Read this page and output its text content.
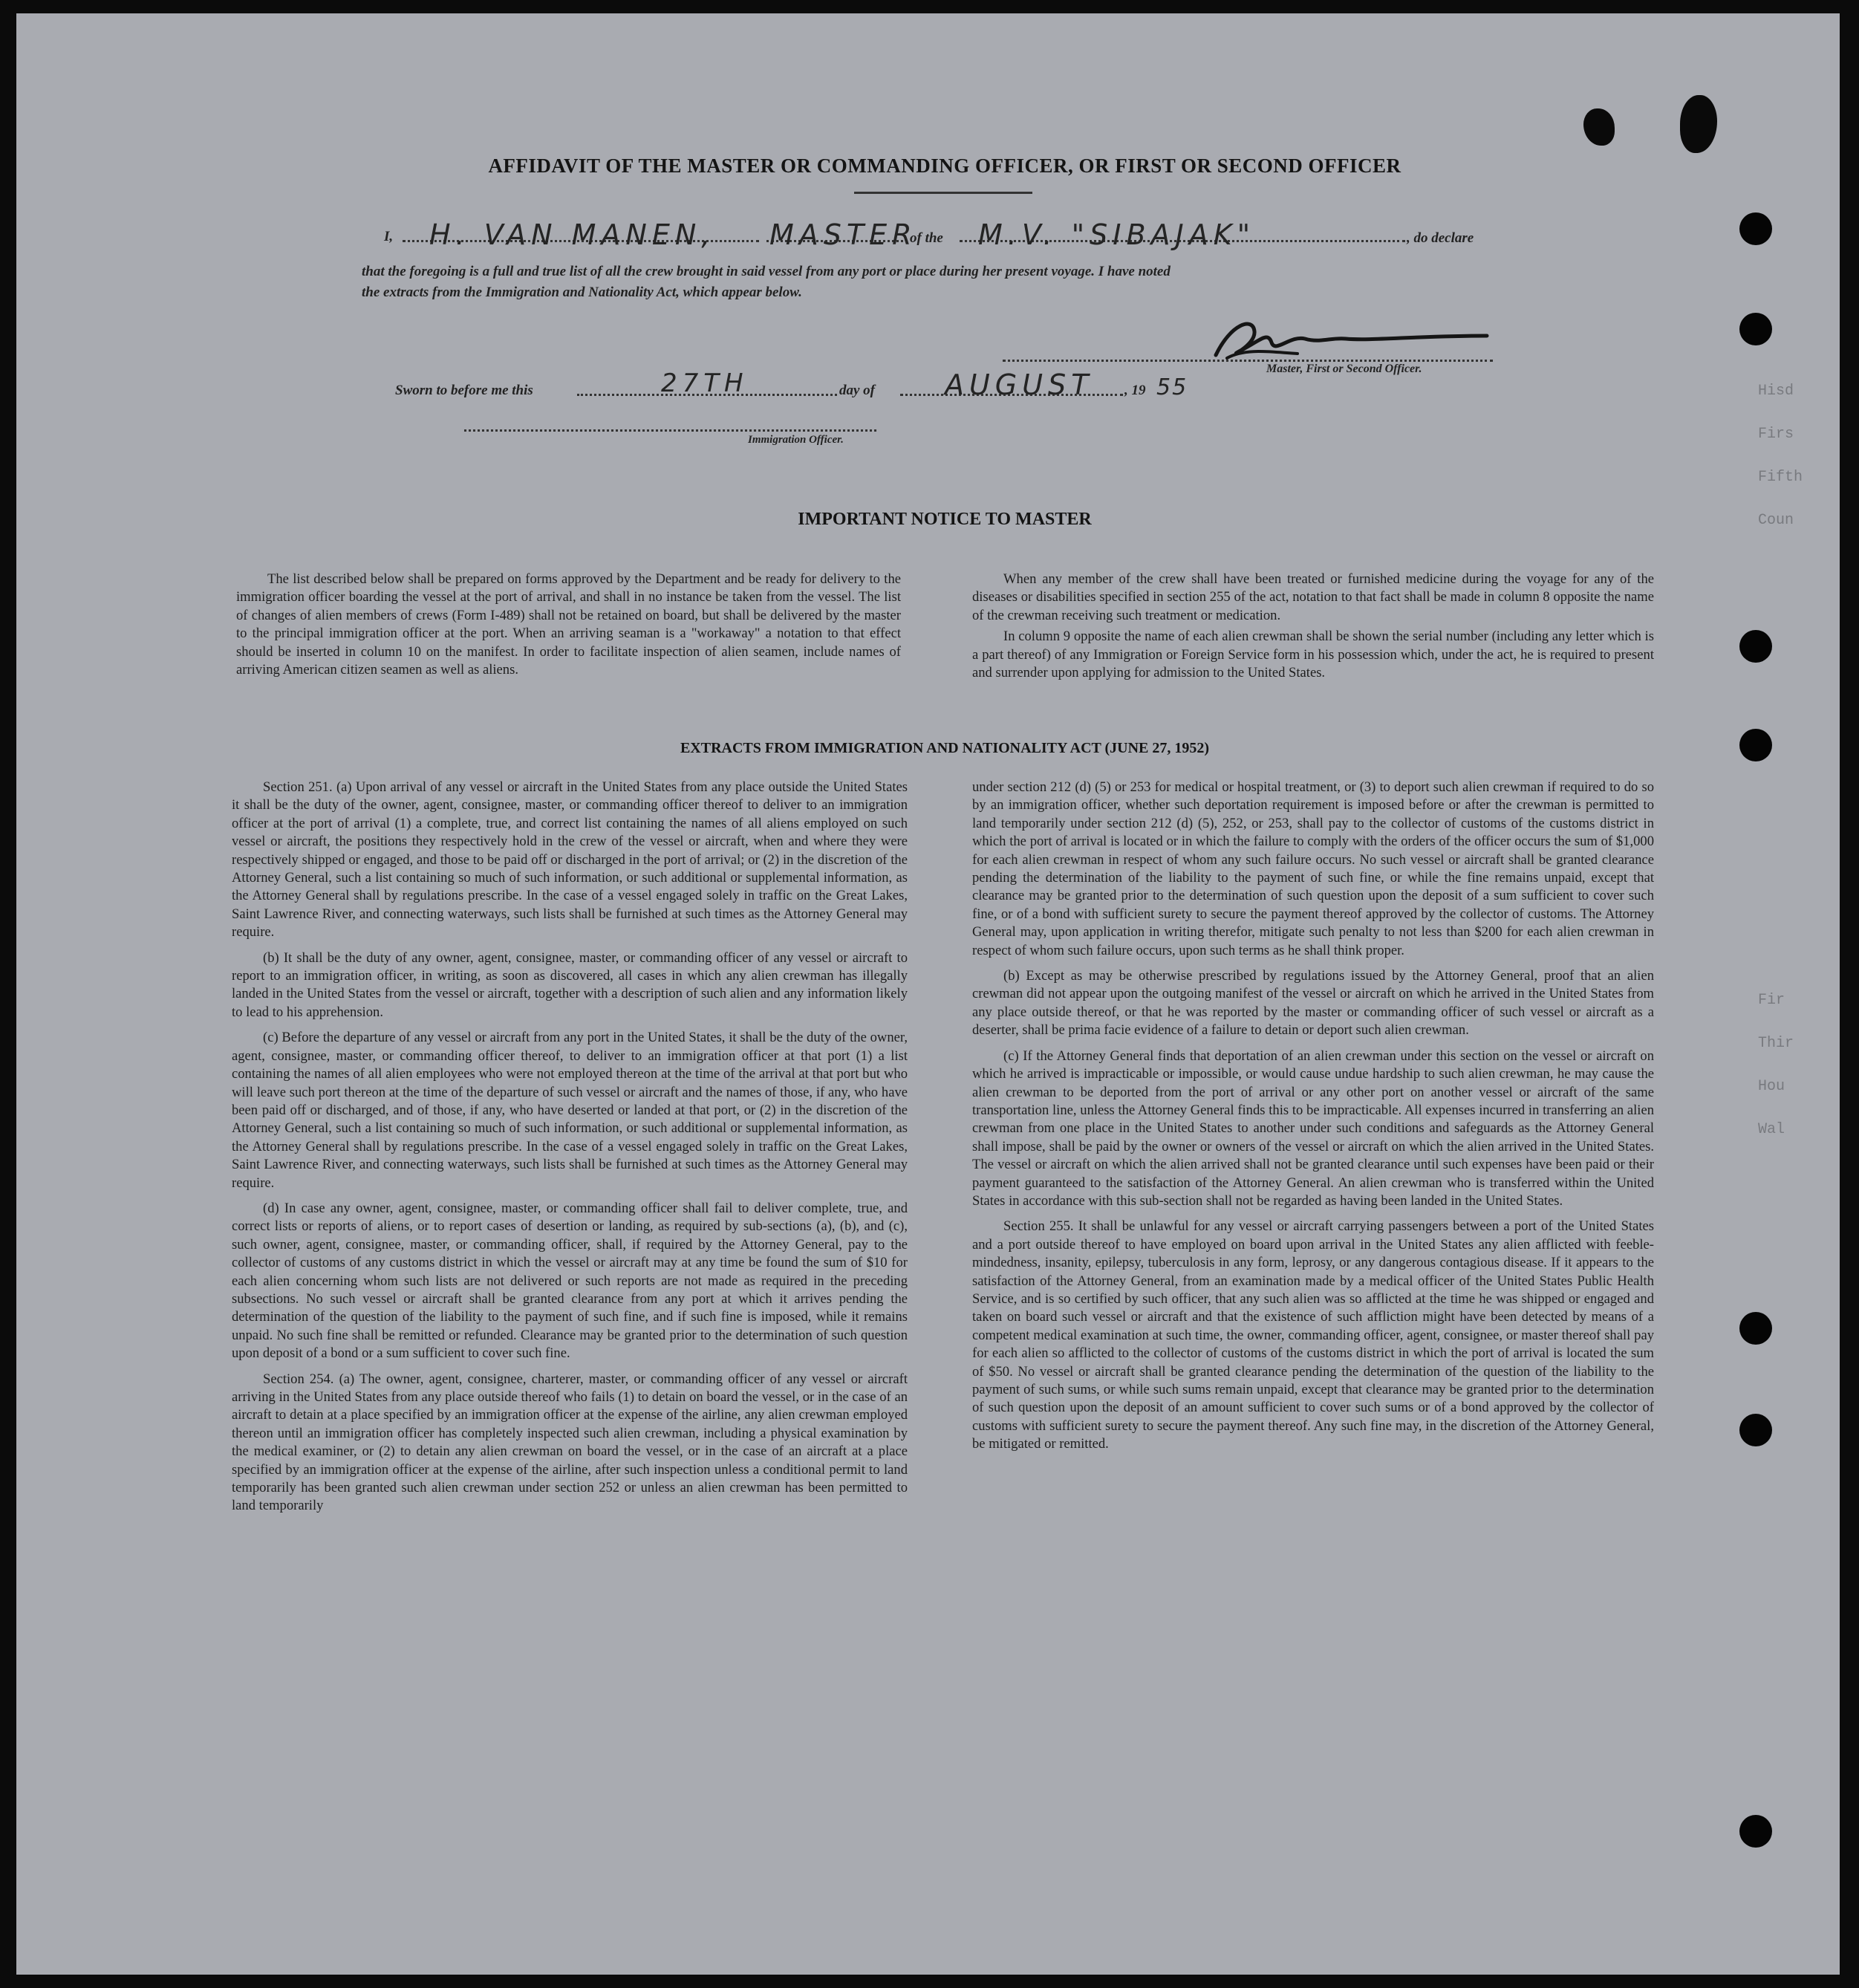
Hisd
Firs
Fifth
Coun
Fir
Thir
Hou
Wal
AFFIDAVIT OF THE MASTER OR COMMANDING OFFICER, OR FIRST OR SECOND OFFICER
I, H. VAN MANEN, MASTER
of the M.V. "SIBAJAK"	, do declare
that the foregoing is a full and true list of all the crew brought in said vessel from any port or place during her present voyage. I have noted
the extracts from the Immigration and Nationality Act, which appear below.
Master, First or Second Officer.
Sworn to before me this	27TH	day of AUGUST , 19 55
Immigration Officer.
IMPORTANT NOTICE TO MASTER

The list described below shall be prepared on forms approved by the Department and be ready for delivery to the immigration officer boarding the vessel at the port of arrival, and shall in no instance be taken from the vessel. The list of changes of alien members of crews (Form I-489) shall not be retained on board, but shall be delivered by the master to the principal immigration officer at the port. When an arriving seaman is a "workaway" a notation to that effect should be inserted in column 10 on the manifest. In order to facilitate inspection of alien seamen, include names of arriving American citizen seamen as well as aliens.

When any member of the crew shall have been treated or furnished medicine during the voyage for any of the diseases or disabilities specified in section 255 of the act, notation to that fact shall be made in column 8 opposite the name of the crewman receiving such treatment or medication.

In column 9 opposite the name of each alien crewman shall be shown the serial number (including any letter which is a part thereof) of any Immigration or Foreign Service form in his possession which, under the act, he is required to present and surrender upon applying for admission to the United States.

EXTRACTS FROM IMMIGRATION AND NATIONALITY ACT (JUNE 27, 1952)

Section 251. (a) Upon arrival of any vessel or aircraft in the United States from any place outside the United States it shall be the duty of the owner, agent, consignee, master, or commanding officer thereof to deliver to an immigration officer at the port of arrival (1) a complete, true, and correct list containing the names of all aliens employed on such vessel or aircraft, the positions they respectively hold in the crew of the vessel or aircraft, when and where they were respectively shipped or engaged, and those to be paid off or discharged in the port of arrival; or (2) in the discretion of the Attorney General, such a list containing so much of such information, or such additional or supplemental information, as the Attorney General shall by regulations prescribe. In the case of a vessel engaged solely in traffic on the Great Lakes, Saint Lawrence River, and connecting waterways, such lists shall be furnished at such times as the Attorney General may require.

(b) It shall be the duty of any owner, agent, consignee, master, or commanding officer of any vessel or aircraft to report to an immigration officer, in writing, as soon as discovered, all cases in which any alien crewman has illegally landed in the United States from the vessel or aircraft, together with a description of such alien and any information likely to lead to his apprehension.

(c) Before the departure of any vessel or aircraft from any port in the United States, it shall be the duty of the owner, agent, consignee, master, or commanding officer thereof, to deliver to an immigration officer at that port (1) a list containing the names of all alien employees who were not employed thereon at the time of the arrival at that port but who will leave such port thereon at the time of the departure of such vessel or aircraft and the names of those, if any, who have been paid off or discharged, and of those, if any, who have deserted or landed at that port, or (2) in the discretion of the Attorney General, such a list containing so much of such information, or such additional or supplemental information, as the Attorney General shall by regulations prescribe. In the case of a vessel engaged solely in traffic on the Great Lakes, Saint Lawrence River, and connecting waterways, such lists shall be furnished at such times as the Attorney General may require.

(d) In case any owner, agent, consignee, master, or commanding officer shall fail to deliver complete, true, and correct lists or reports of aliens, or to report cases of desertion or landing, as required by sub-sections (a), (b), and (c), such owner, agent, consignee, master, or commanding officer, shall, if required by the Attorney General, pay to the collector of customs of any customs district in which the vessel or aircraft may at any time be found the sum of $10 for each alien concerning whom such lists are not delivered or such reports are not made as required in the preceding subsections. No such vessel or aircraft shall be granted clearance from any port at which it arrives pending the determination of the question of the liability to the payment of such fine, and if such fine is imposed, while it remains unpaid. No such fine shall be remitted or refunded. Clearance may be granted prior to the determination of such question upon deposit of a bond or a sum sufficient to cover such fine.

Section 254. (a) The owner, agent, consignee, charterer, master, or commanding officer of any vessel or aircraft arriving in the United States from any place outside thereof who fails (1) to detain on board the vessel, or in the case of an aircraft to detain at a place specified by an immigration officer at the expense of the airline, any alien crewman employed thereon until an immigration officer has completely inspected such alien crewman, including a physical examination by the medical examiner, or (2) to detain any alien crewman on board the vessel, or in the case of an aircraft at a place specified by an immigration officer at the expense of the airline, after such inspection unless a conditional permit to land temporarily has been granted such alien crewman under section 252 or unless an alien crewman has been permitted to land temporarily

under section 212 (d) (5) or 253 for medical or hospital treatment, or (3) to deport such alien crewman if required to do so by an immigration officer, whether such deportation requirement is imposed before or after the crewman is permitted to land temporarily under section 212 (d) (5), 252, or 253, shall pay to the collector of customs of the customs district in which the port of arrival is located or in which the failure to comply with the orders of the officer occurs the sum of $1,000 for each alien crewman in respect of whom any such failure occurs. No such vessel or aircraft shall be granted clearance pending the determination of the liability to the payment of such fine, or while the fine remains unpaid, except that clearance may be granted prior to the determination of such question upon the deposit of a sum sufficient to cover such fine, or of a bond with sufficient surety to secure the payment thereof approved by the collector of customs. The Attorney General may, upon application in writing therefor, mitigate such penalty to not less than $200 for each alien crewman in respect of whom such failure occurs, upon such terms as he shall think proper.

(b) Except as may be otherwise prescribed by regulations issued by the Attorney General, proof that an alien crewman did not appear upon the outgoing manifest of the vessel or aircraft on which he arrived in the United States from any place outside thereof, or that he was reported by the master or commanding officer of such vessel or aircraft as a deserter, shall be prima facie evidence of a failure to detain or deport such alien crewman.

(c) If the Attorney General finds that deportation of an alien crewman under this section on the vessel or aircraft on which he arrived is impracticable or impossible, or would cause undue hardship to such alien crewman, he may cause the alien crewman to be deported from the port of arrival or any other port on another vessel or aircraft of the same transportation line, unless the Attorney General finds this to be impracticable. All expenses incurred in transferring an alien crewman from one place in the United States to another under such conditions and safeguards as the Attorney General shall impose, shall be paid by the owner or owners of the vessel or aircraft on which the alien arrived in the United States. The vessel or aircraft on which the alien arrived shall not be granted clearance until such expenses have been paid or their payment guaranteed to the satisfaction of the Attorney General. An alien crewman who is transferred within the United States in accordance with this sub-section shall not be regarded as having been landed in the United States.

Section 255. It shall be unlawful for any vessel or aircraft carrying passengers between a port of the United States and a port outside thereof to have employed on board upon arrival in the United States any alien afflicted with feeble-mindedness, insanity, epilepsy, tuberculosis in any form, leprosy, or any dangerous contagious disease. If it appears to the satisfaction of the Attorney General, from an examination made by a medical officer of the United States Public Health Service, and is so certified by such officer, that any such alien was so afflicted at the time he was shipped or engaged and taken on board such vessel or aircraft and that the existence of such affliction might have been detected by means of a competent medical examination at such time, the owner, commanding officer, agent, consignee, or master thereof shall pay for each alien so afflicted to the collector of customs of the customs district in which the port of arrival is located the sum of $50. No vessel or aircraft shall be granted clearance pending the determination of the question of the liability to the payment of such sums, or while such sums remain unpaid, except that clearance may be granted prior to the determination of such question upon the deposit of an amount sufficient to cover such sums or of a bond approved by the collector of customs with sufficient surety to secure the payment thereof. Any such fine may, in the discretion of the Attorney General, be mitigated or remitted.
